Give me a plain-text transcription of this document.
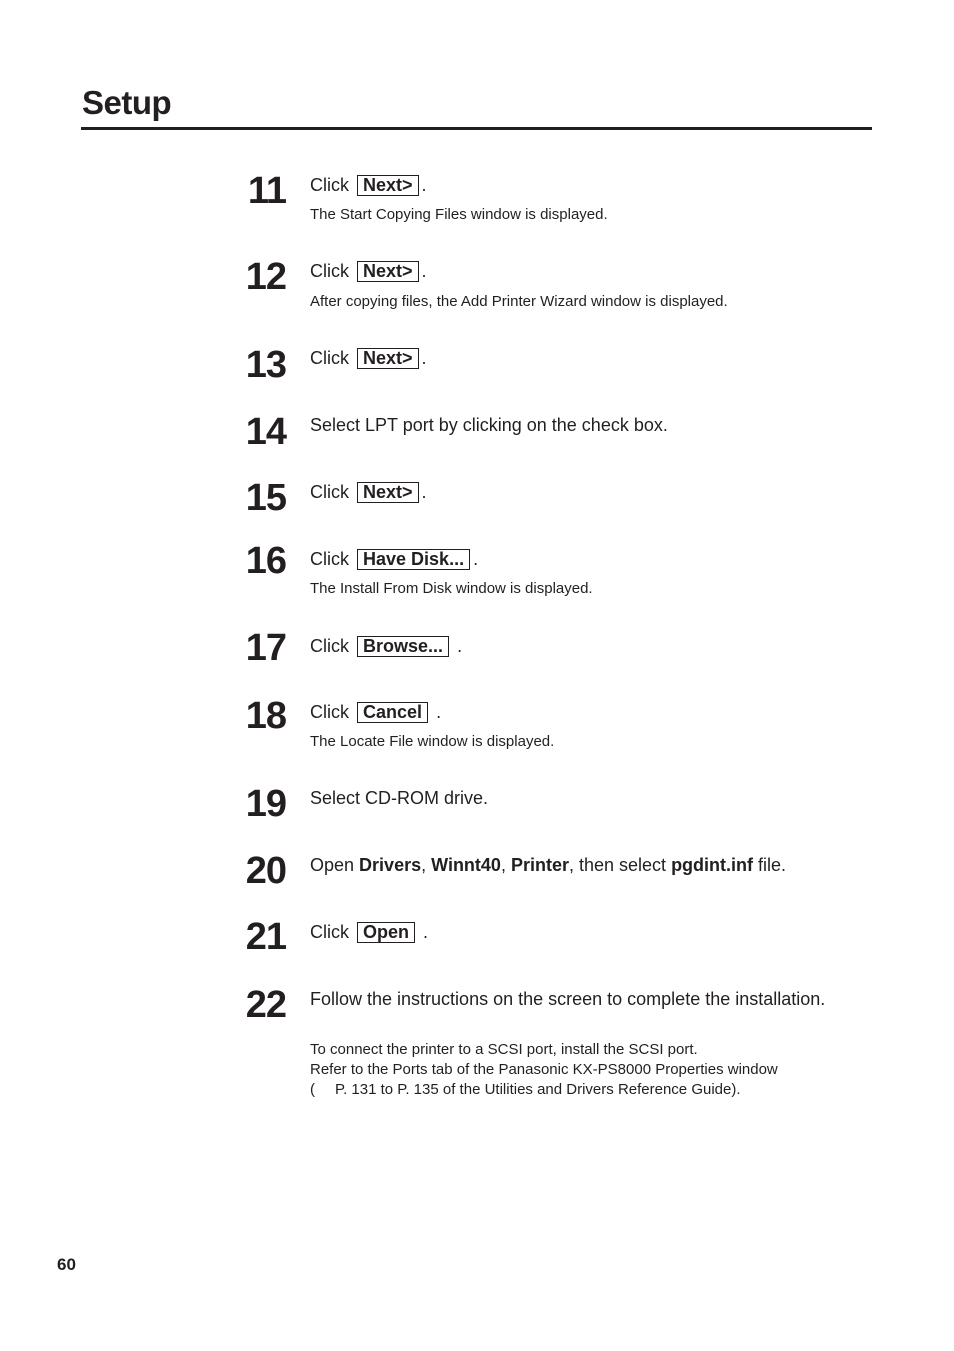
Setup
11 Click Next> .
The Start Copying Files window is displayed.
12 Click Next> .
After copying files, the Add Printer Wizard window is displayed.
13 Click Next> .
14 Select LPT port by clicking on the check box.
15 Click Next> .
16 Click Have Disk... .
The Install From Disk window is displayed.
17 Click Browse... .
18 Click Cancel .
The Locate File window is displayed.
19 Select CD-ROM drive.
20 Open Drivers, Winnt40, Printer, then select pgdint.inf file.
21 Click Open .
22 Follow the instructions on the screen to complete the installation.
To connect the printer to a SCSI port, install the SCSI port.
Refer to the Ports tab of the Panasonic KX-PS8000 Properties window
( P. 131 to P. 135 of the Utilities and Drivers Reference Guide).
60
